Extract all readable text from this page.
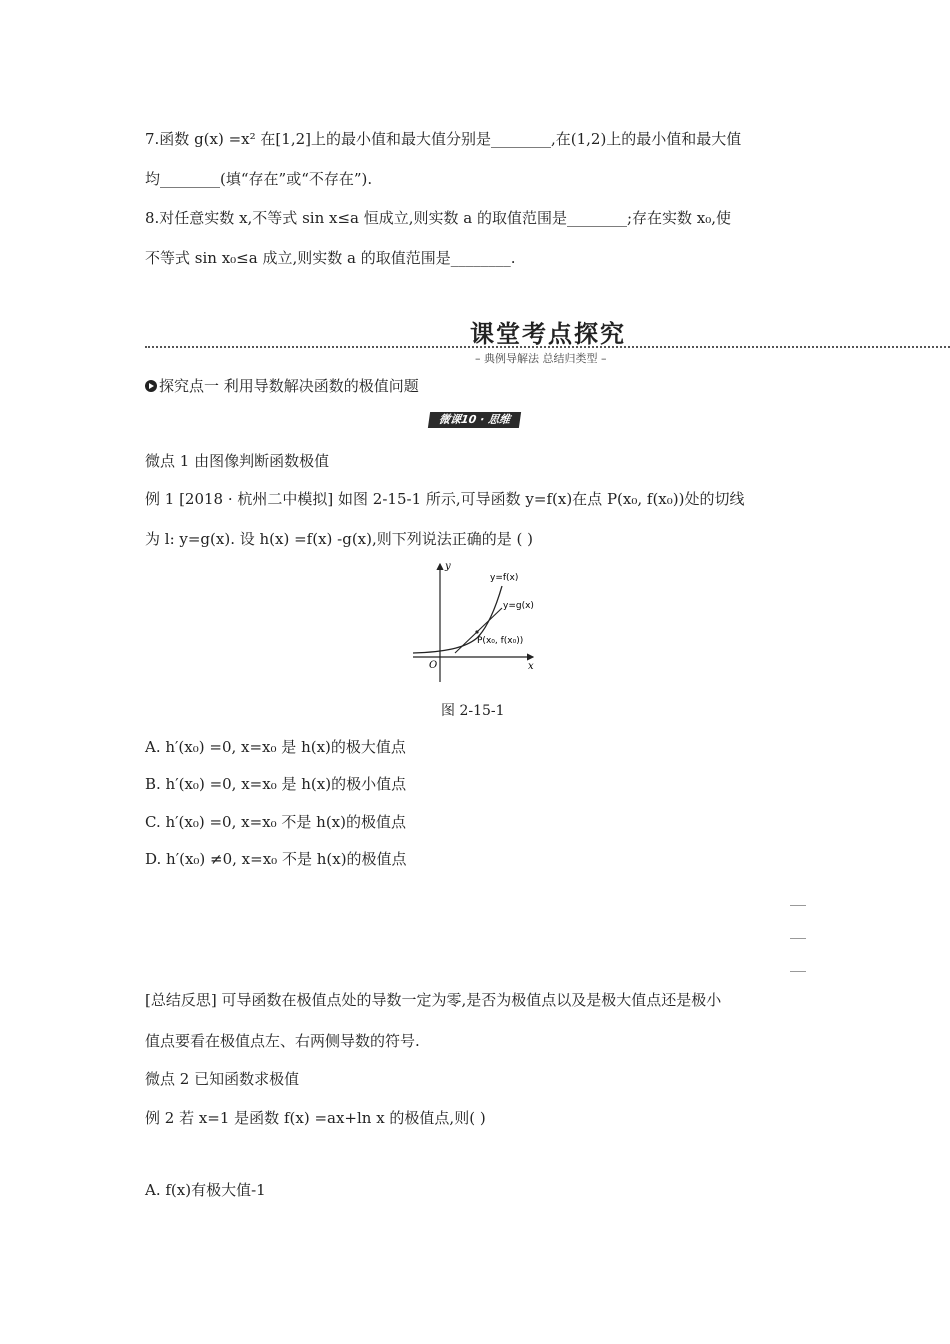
7.函数 g(x) =x² 在[1,2]上的最小值和最大值分别是________,在(1,2)上的最小值和最大值
均________(填“存在”或“不存在”).
8.对任意实数 x,不等式 sin x≤a 恒成立,则实数 a 的取值范围是________;存在实数 x₀,使
不等式 sin x₀≤a 成立,则实数 a 的取值范围是________.
课堂考点探究
– 典例导解法 总结归类型 –
探究点一 利用导数解决函数的极值问题
微课10 · 思维
微点 1 由图像判断函数极值
例 1 [2018 · 杭州二中模拟] 如图 2-15-1 所示,可导函数 y=f(x)在点 P(x₀, f(x₀))处的切线
为 l: y=g(x). 设 h(x) =f(x) -g(x),则下列说法正确的是 ( )
y
x
O
y=f(x)
y=g(x)
P(x₀, f(x₀))
图 2-15-1
A. h′(x₀) =0, x=x₀ 是 h(x)的极大值点
B. h′(x₀) =0, x=x₀ 是 h(x)的极小值点
C. h′(x₀) =0, x=x₀ 不是 h(x)的极值点
D. h′(x₀) ≠0, x=x₀ 不是 h(x)的极值点
[总结反思] 可导函数在极值点处的导数一定为零,是否为极值点以及是极大值点还是极小
值点要看在极值点左、右两侧导数的符号.
微点 2 已知函数求极值
例 2 若 x=1 是函数 f(x) =ax+ln x 的极值点,则( )
A. f(x)有极大值-1
